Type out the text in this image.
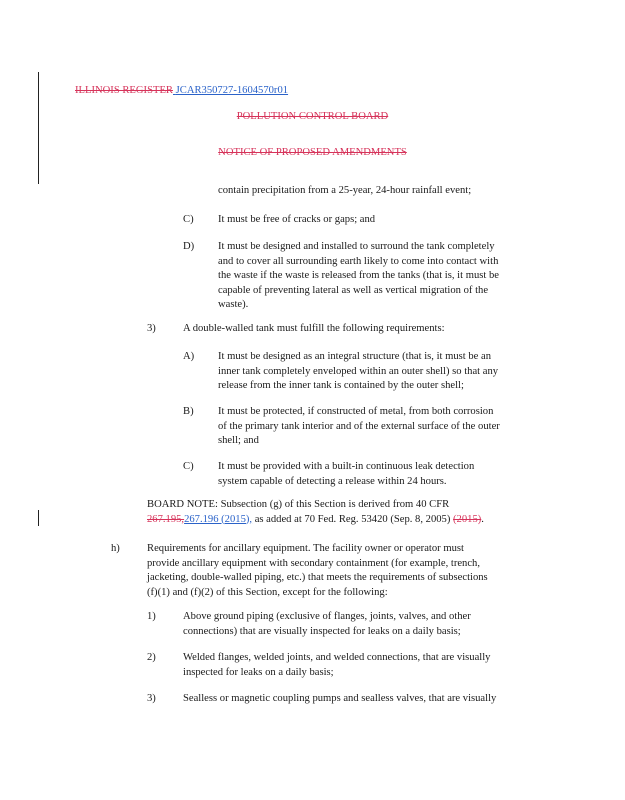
ILLINOIS REGISTER JCAR350727-1604570r01
POLLUTION CONTROL BOARD
NOTICE OF PROPOSED AMENDMENTS
contain precipitation from a 25-year, 24-hour rainfall event;
C) It must be free of cracks or gaps; and
D) It must be designed and installed to surround the tank completely
and to cover all surrounding earth likely to come into contact with
the waste if the waste is released from the tanks (that is, it must be
capable of preventing lateral as well as vertical migration of the
waste).
3)	A double-walled tank must fulfill the following requirements:
A) It must be designed as an integral structure (that is, it must be an
inner tank completely enveloped within an outer shell) so that any
release from the inner tank is contained by the outer shell;
B) It must be protected, if constructed of metal, from both corrosion
of the primary tank interior and of the external surface of the outer
shell; and
C) It must be provided with a built-in continuous leak detection
system capable of detecting a release within 24 hours.
BOARD NOTE: Subsection (g) of this Section is derived from 40 CFR
267.195,267.196 (2015), as added at 70 Fed. Reg. 53420 (Sep. 8, 2005) (2015).
h)	Requirements for ancillary equipment. The facility owner or operator must
provide ancillary equipment with secondary containment (for example, trench,
jacketing, double-walled piping, etc.) that meets the requirements of subsections
(f)(1) and (f)(2) of this Section, except for the following:
1)	Above ground piping (exclusive of flanges, joints, valves, and other
connections) that are visually inspected for leaks on a daily basis;
2)	Welded flanges, welded joints, and welded connections, that are visually
inspected for leaks on a daily basis;
3)	Sealless or magnetic coupling pumps and sealless valves, that are visually
